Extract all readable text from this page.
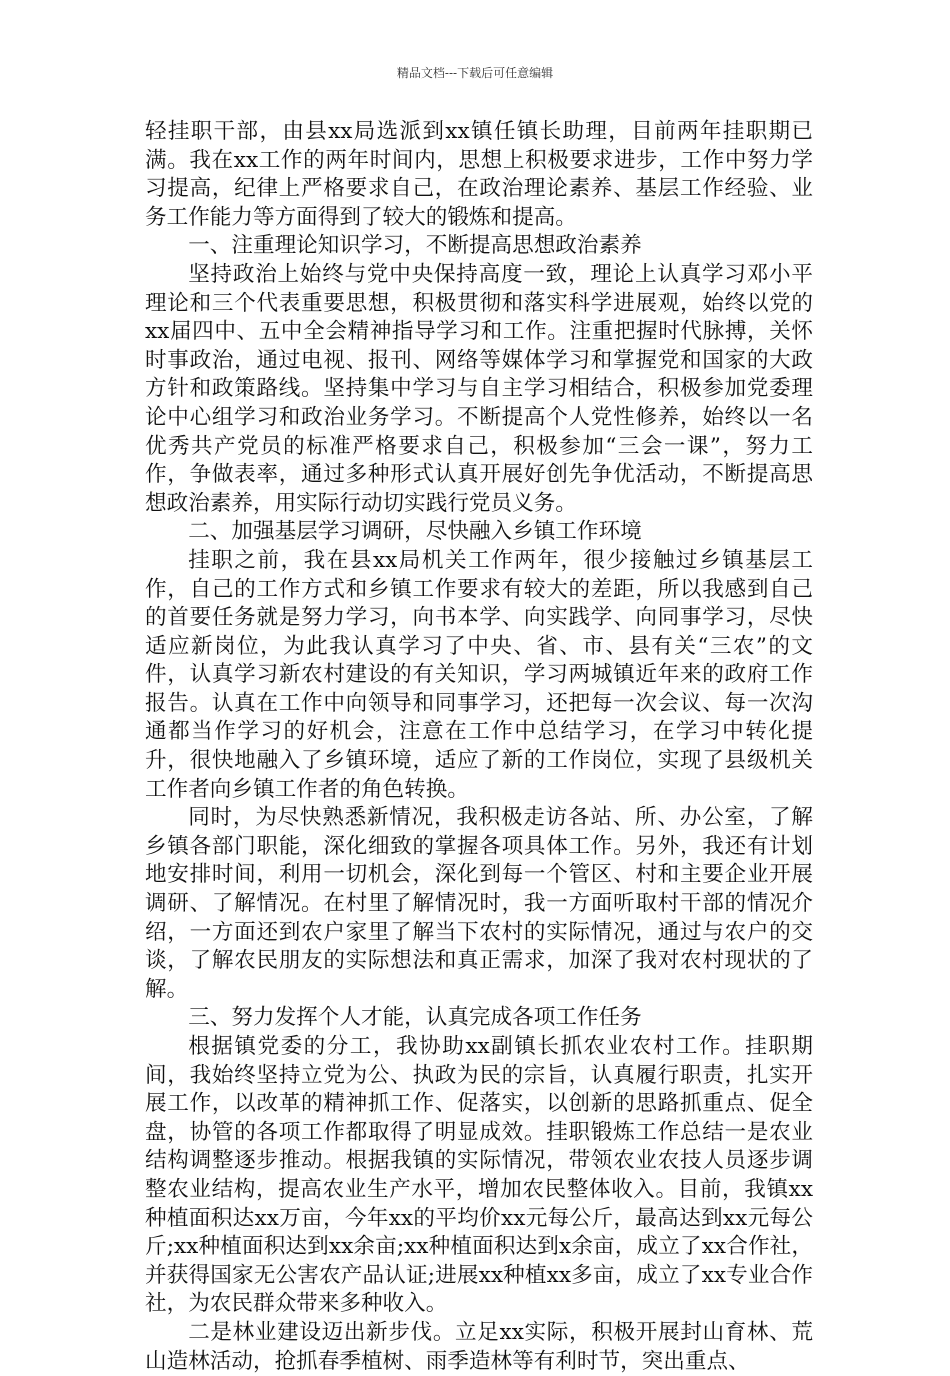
精品文档---下载后可任意编辑

轻挂职干部，由县xx局选派到xx镇任镇长助理，目前两年挂职期已满。我在xx工作的两年时间内，思想上积极要求进步，工作中努力学习提高，纪律上严格要求自己，在政治理论素养、基层工作经验、业务工作能力等方面得到了较大的锻炼和提高。

一、注重理论知识学习，不断提高思想政治素养

坚持政治上始终与党中央保持高度一致，理论上认真学习邓小平理论和三个代表重要思想，积极贯彻和落实科学进展观，始终以党的xx届四中、五中全会精神指导学习和工作。注重把握时代脉搏，关怀时事政治，通过电视、报刊、网络等媒体学习和掌握党和国家的大政方针和政策路线。坚持集中学习与自主学习相结合，积极参加党委理论中心组学习和政治业务学习。不断提高个人党性修养，始终以一名优秀共产党员的标准严格要求自己，积极参加“三会一课”，努力工作，争做表率，通过多种形式认真开展好创先争优活动，不断提高思想政治素养，用实际行动切实践行党员义务。

二、加强基层学习调研，尽快融入乡镇工作环境

挂职之前，我在县xx局机关工作两年，很少接触过乡镇基层工作，自己的工作方式和乡镇工作要求有较大的差距，所以我感到自己的首要任务就是努力学习，向书本学、向实践学、向同事学习，尽快适应新岗位，为此我认真学习了中央、省、市、县有关“三农”的文件，认真学习新农村建设的有关知识，学习两城镇近年来的政府工作报告。认真在工作中向领导和同事学习，还把每一次会议、每一次沟通都当作学习的好机会，注意在工作中总结学习，在学习中转化提升，很快地融入了乡镇环境，适应了新的工作岗位，实现了县级机关工作者向乡镇工作者的角色转换。

同时，为尽快熟悉新情况，我积极走访各站、所、办公室，了解乡镇各部门职能，深化细致的掌握各项具体工作。另外，我还有计划地安排时间，利用一切机会，深化到每一个管区、村和主要企业开展调研、了解情况。在村里了解情况时，我一方面听取村干部的情况介绍，一方面还到农户家里了解当下农村的实际情况，通过与农户的交谈，了解农民朋友的实际想法和真正需求，加深了我对农村现状的了解。

三、努力发挥个人才能，认真完成各项工作任务

根据镇党委的分工，我协助xx副镇长抓农业农村工作。挂职期间，我始终坚持立党为公、执政为民的宗旨，认真履行职责，扎实开展工作，以改革的精神抓工作、促落实，以创新的思路抓重点、促全盘，协管的各项工作都取得了明显成效。挂职锻炼工作总结一是农业结构调整逐步推动。根据我镇的实际情况，带领农业农技人员逐步调整农业结构，提高农业生产水平，增加农民整体收入。目前，我镇xx种植面积达xx万亩，今年xx的平均价xx元每公斤，最高达到xx元每公斤;xx种植面积达到xx余亩;xx种植面积达到x余亩，成立了xx合作社，并获得国家无公害农产品认证;进展xx种植xx多亩，成立了xx专业合作社，为农民群众带来多种收入。

二是林业建设迈出新步伐。立足xx实际，积极开展封山育林、荒山造林活动，抢抓春季植树、雨季造林等有利时节，突出重点、
